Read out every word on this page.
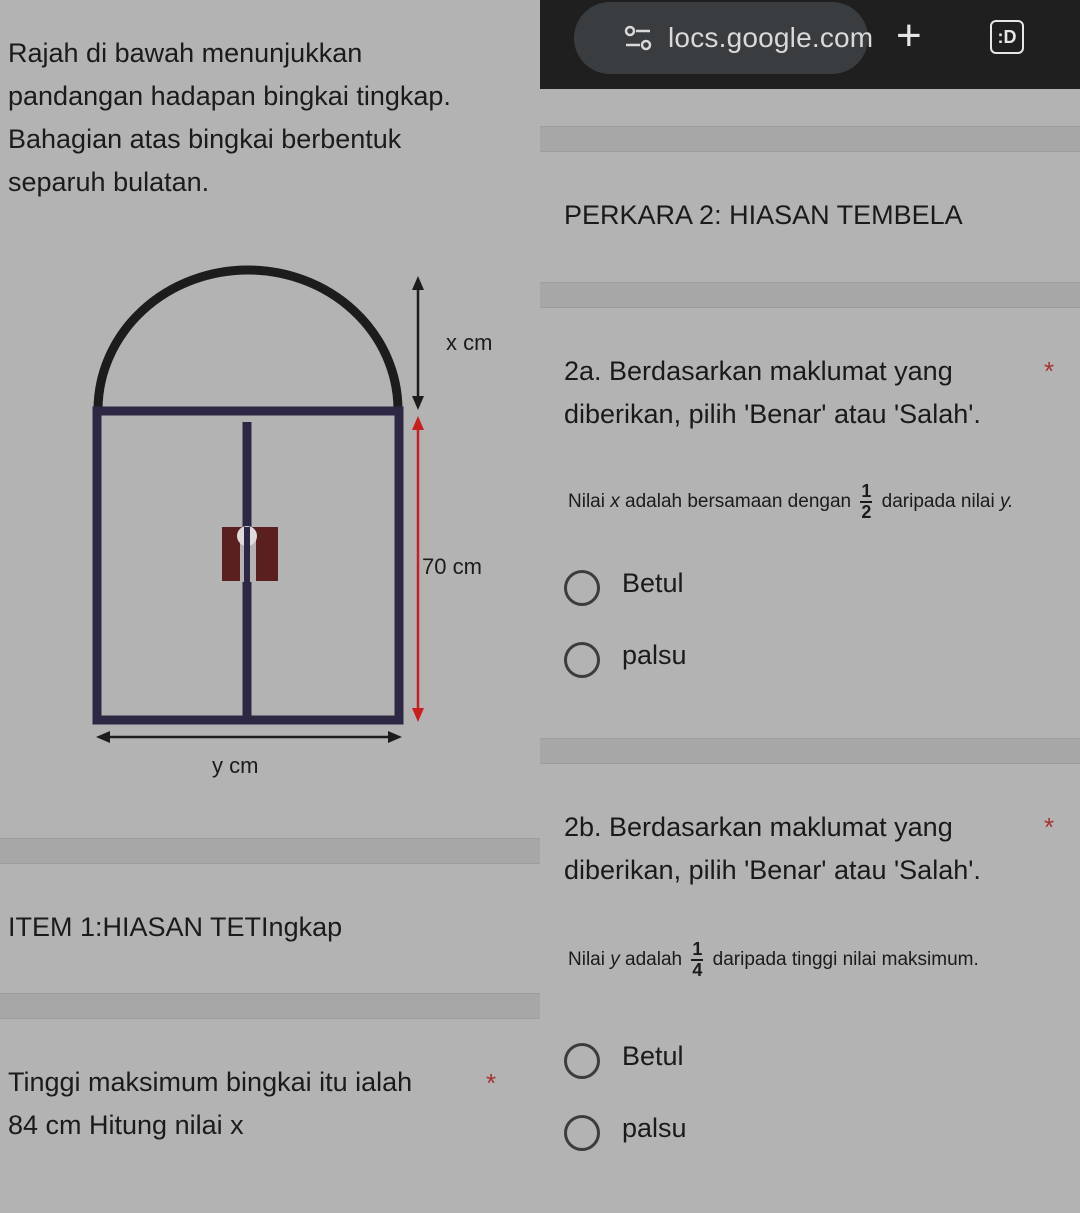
Rajah di bawah menunjukkan
pandangan hadapan bingkai tingkap.
Bahagian atas bingkai berbentuk
separuh bulatan.
x cm
70 cm
y cm
ITEM 1:HIASAN TETIngkap
Tinggi maksimum bingkai itu ialah	*
84 cm Hitung nilai x
locs.google.com +	:D
PERKARA 2: HIASAN TEMBELA
2a. Berdasarkan maklumat yang	*
diberikan, pilih 'Benar' atau 'Salah'.
Nilai x adalah bersamaan dengan $\frac{1}{2}$ daripada nilai y.
Betul
palsu
2b. Berdasarkan maklumat yang	*
diberikan, pilih 'Benar' atau 'Salah'.
Nilai y adalah $\frac{1}{4}$ daripada tinggi nilai maksimum.
Betul
palsu
